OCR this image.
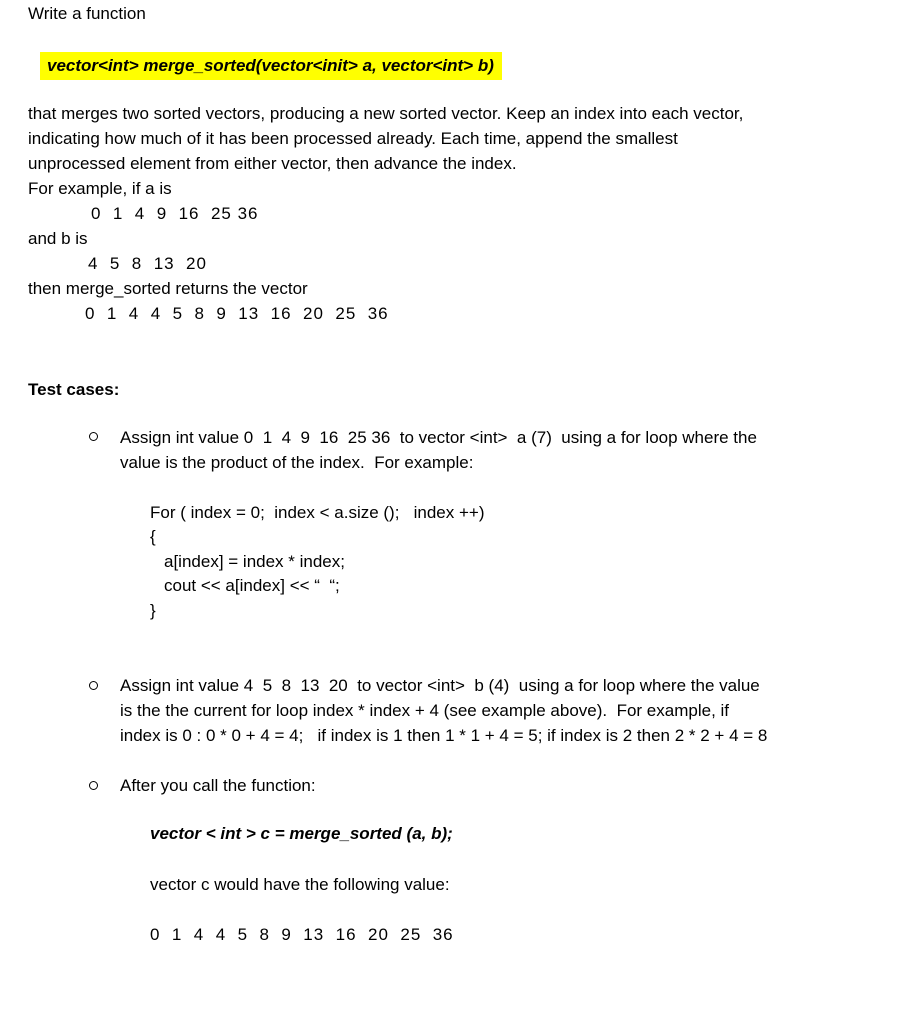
Write a function
vector<int> merge_sorted(vector<init> a, vector<int> b)
that merges two sorted vectors, producing a new sorted vector. Keep an index into each vector,
indicating how much of it has been processed already. Each time, append the smallest
unprocessed element from either vector, then advance the index.
For example, if a is
0  1  4  9  16  25 36
and b is
4  5  8  13  20
then merge_sorted returns the vector
0  1  4  4  5  8  9  13  16  20  25  36
Test cases:
Assign int value 0  1  4  9  16  25 36  to vector <int>  a (7)  using a for loop where the
value is the product of the index.  For example:
For ( index = 0;  index < a.size ();   index ++)
{
a[index] = index * index;
cout << a[index] << “  “;
}
Assign int value 4  5  8  13  20  to vector <int>  b (4)  using a for loop where the value
is the the current for loop index * index + 4 (see example above).  For example, if
index is 0 : 0 * 0 + 4 = 4;   if index is 1 then 1 * 1 + 4 = 5; if index is 2 then 2 * 2 + 4 = 8
After you call the function:
vector < int > c = merge_sorted (a, b);
vector c would have the following value:
0  1  4  4  5  8  9  13  16  20  25  36
